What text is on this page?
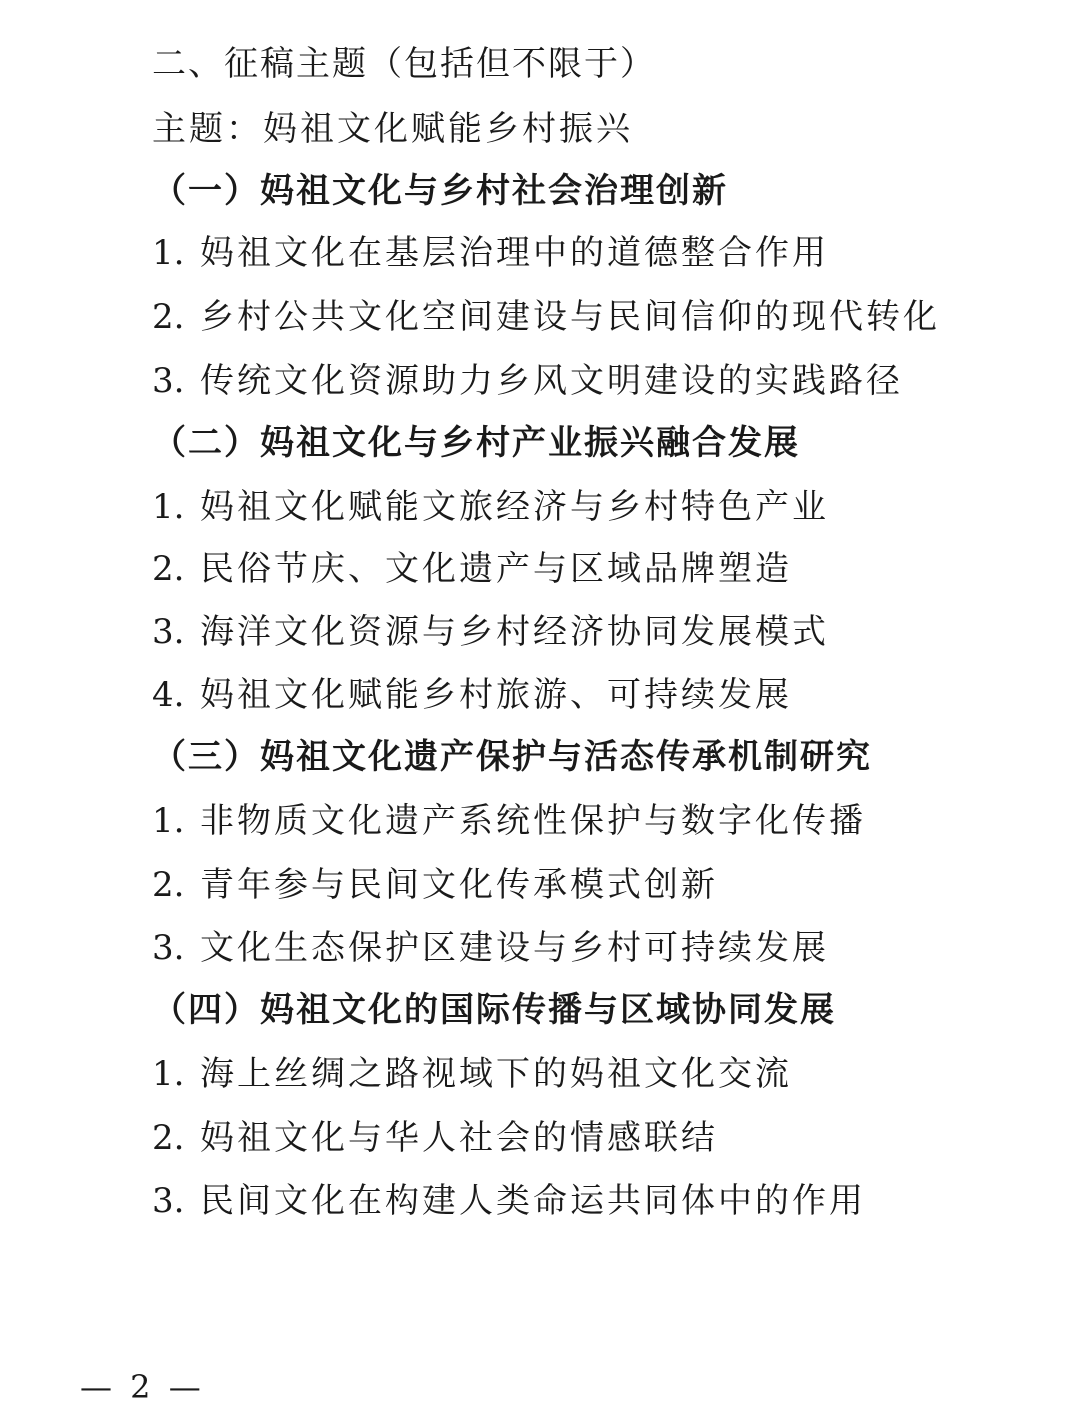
二、征稿主题（包括但不限于）
主题：妈祖文化赋能乡村振兴
（一）妈祖文化与乡村社会治理创新
1. 妈祖文化在基层治理中的道德整合作用
2. 乡村公共文化空间建设与民间信仰的现代转化
3. 传统文化资源助力乡风文明建设的实践路径
（二）妈祖文化与乡村产业振兴融合发展
1. 妈祖文化赋能文旅经济与乡村特色产业
2. 民俗节庆、文化遗产与区域品牌塑造
3. 海洋文化资源与乡村经济协同发展模式
4. 妈祖文化赋能乡村旅游、可持续发展
（三）妈祖文化遗产保护与活态传承机制研究
1. 非物质文化遗产系统性保护与数字化传播
2. 青年参与民间文化传承模式创新
3. 文化生态保护区建设与乡村可持续发展
（四）妈祖文化的国际传播与区域协同发展
1. 海上丝绸之路视域下的妈祖文化交流
2. 妈祖文化与华人社会的情感联结
3. 民间文化在构建人类命运共同体中的作用
— 2 —
